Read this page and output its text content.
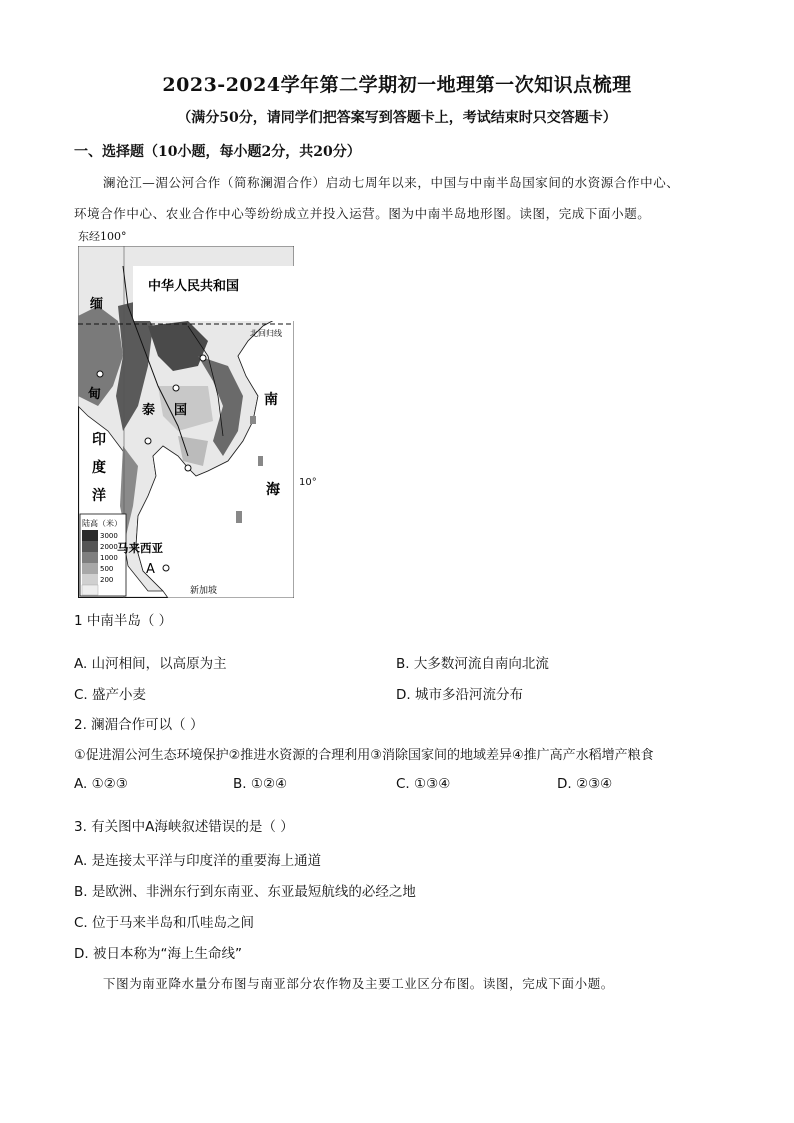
2023-2024学年第二学期初一地理第一次知识点梳理
（满分50分，请同学们把答案写到答题卡上，考试结束时只交答题卡）
一、选择题（10小题，每小题2分，共20分）
澜沧江—湄公河合作（简称澜湄合作）启动七周年以来，中国与中南半岛国家间的水资源合作中心、
环境合作中心、农业合作中心等纷纷成立并投入运营。图为中南半岛地形图。读图，完成下面小题。
东经100°
中华人民共和国
北回归线
缅
甸
印
度
洋
泰 国
南
海
马来西亚
A
新加坡
陆高（米）
3000
2000
1000
500
200
10°
1 中南半岛（ ）
A. 山河相间，以高原为主	B. 大多数河流自南向北流
C. 盛产小麦	D. 城市多沿河流分布
2. 澜湄合作可以（ ）
①促进湄公河生态环境保护②推进水资源的合理利用③消除国家间的地域差异④推广高产水稻增产粮食
A. ①②③	B. ①②④	C. ①③④	D. ②③④
3. 有关图中A海峡叙述错误的是（ ）
A. 是连接太平洋与印度洋的重要海上通道
B. 是欧洲、非洲东行到东南亚、东亚最短航线的必经之地
C. 位于马来半岛和爪哇岛之间
D. 被日本称为“海上生命线”
下图为南亚降水量分布图与南亚部分农作物及主要工业区分布图。读图，完成下面小题。
